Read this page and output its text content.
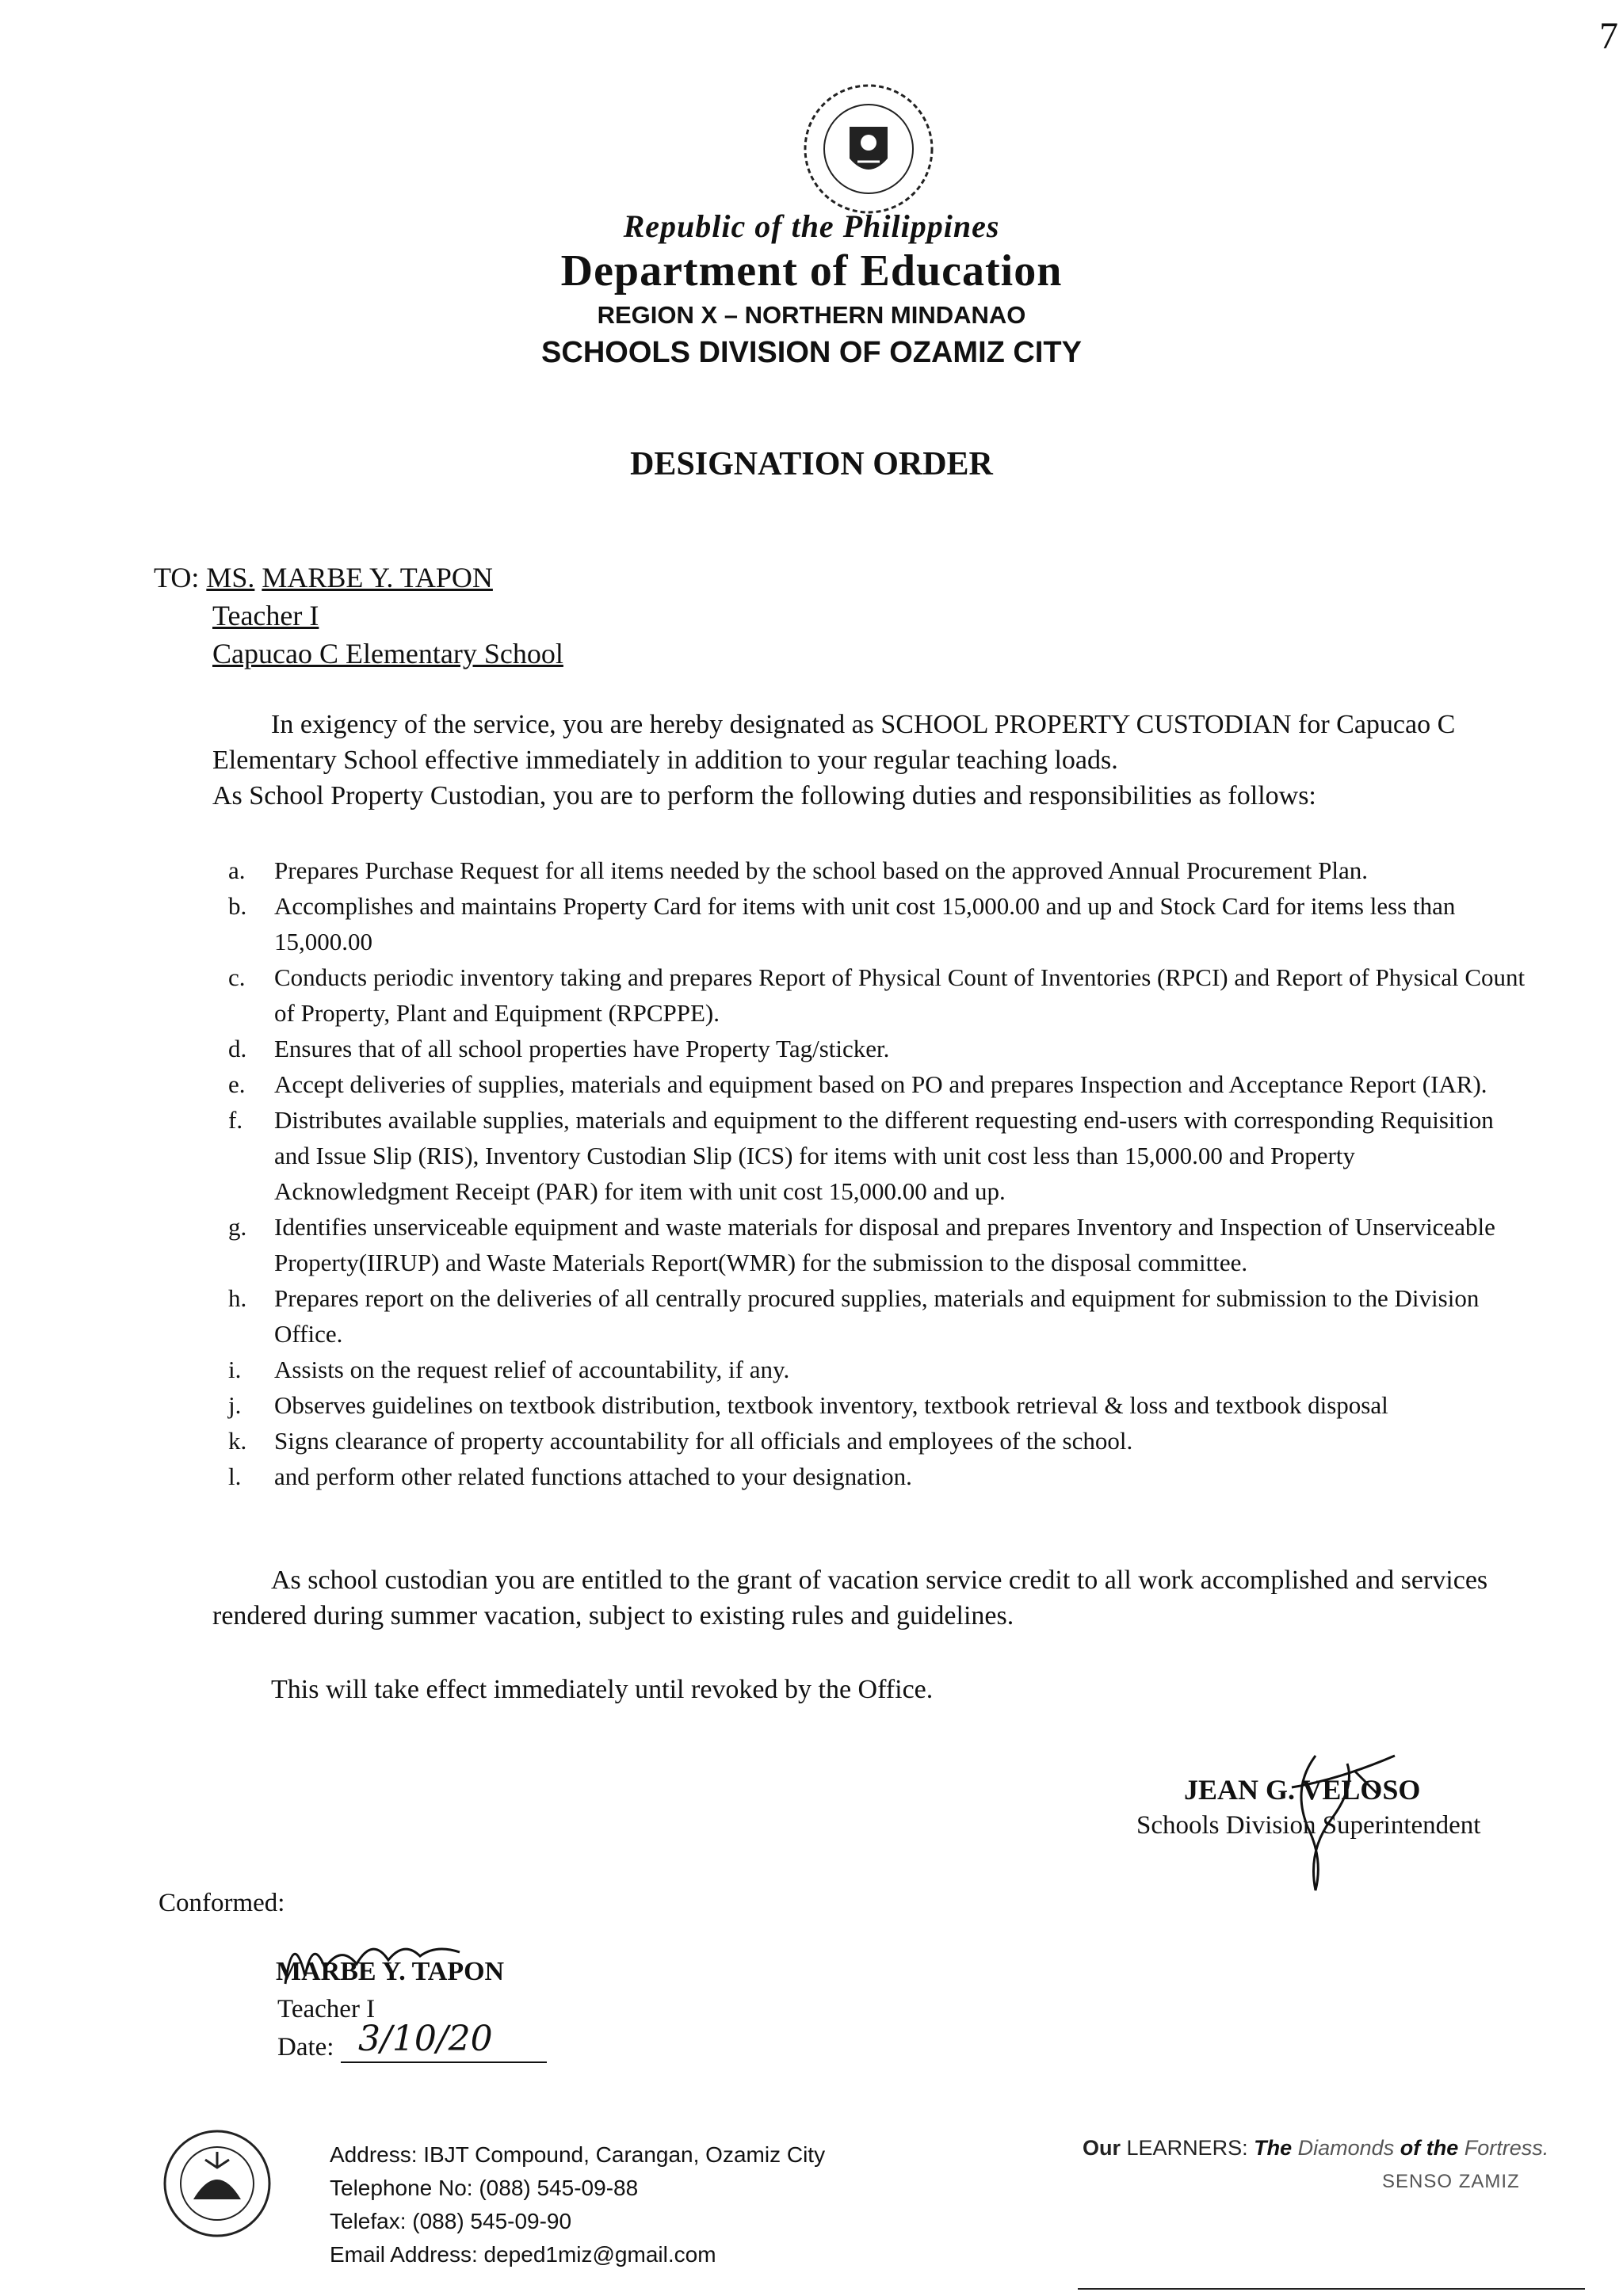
7
Republic of the Philippines
Department of Education
REGION X – NORTHERN MINDANAO
SCHOOLS DIVISION OF OZAMIZ CITY
DESIGNATION ORDER
TO: MS. MARBE Y. TAPON
Teacher I
Capucao C Elementary School
In exigency of the service, you are hereby designated as SCHOOL PROPERTY CUSTODIAN for Capucao C Elementary School effective immediately in addition to your regular teaching loads.
As School Property Custodian, you are to perform the following duties and responsibilities as follows:
a. Prepares Purchase Request for all items needed by the school based on the approved Annual Procurement Plan.
b. Accomplishes and maintains Property Card for items with unit cost 15,000.00 and up and Stock Card for items less than 15,000.00
c. Conducts periodic inventory taking and prepares Report of Physical Count of Inventories (RPCI) and Report of Physical Count of Property, Plant and Equipment (RPCPPE).
d. Ensures that of all school properties have Property Tag/sticker.
e. Accept deliveries of supplies, materials and equipment based on PO and prepares Inspection and Acceptance Report (IAR).
f. Distributes available supplies, materials and equipment to the different requesting end-users with corresponding Requisition and Issue Slip (RIS), Inventory Custodian Slip (ICS) for items with unit cost less than 15,000.00 and Property Acknowledgment Receipt (PAR) for item with unit cost 15,000.00 and up.
g. Identifies unserviceable equipment and waste materials for disposal and prepares Inventory and Inspection of Unserviceable Property(IIRUP) and Waste Materials Report(WMR) for the submission to the disposal committee.
h. Prepares report on the deliveries of all centrally procured supplies, materials and equipment for submission to the Division Office.
i. Assists on the request relief of accountability, if any.
j. Observes guidelines on textbook distribution, textbook inventory, textbook retrieval & loss and textbook disposal
k. Signs clearance of property accountability for all officials and employees of the school.
l. and perform other related functions attached to your designation.
As school custodian you are entitled to the grant of vacation service credit to all work accomplished and services rendered during summer vacation, subject to existing rules and guidelines.
This will take effect immediately until revoked by the Office.
JEAN G. VELOSO
Schools Division Superintendent
Conformed:
MARBE Y. TAPON
Teacher I
Date: 3/10/20
Address: IBJT Compound, Carangan, Ozamiz City
Telephone No: (088) 545-09-88
Telefax: (088) 545-09-90
Email Address: deped1miz@gmail.com
Our LEARNERS: The Diamonds of the Fortress.
SENSO ZAMIZ
